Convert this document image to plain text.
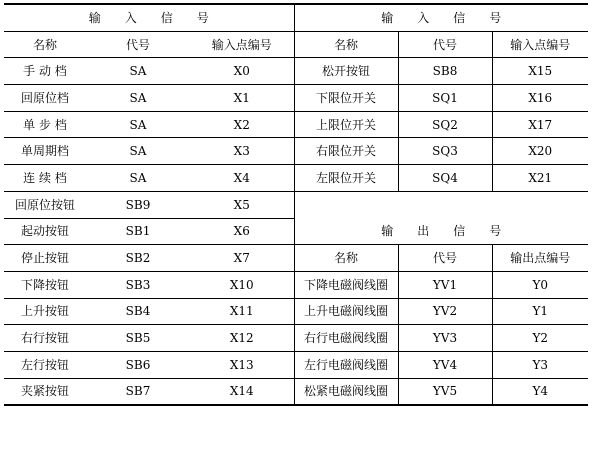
输入信号			输入信号		
名称	代号	输入点编号	名称	代号	输入点编号
手 动 档	SA	X0	松开按钮	SB8	X15
回原位档	SA	X1	下限位开关	SQ1	X16
单 步 档	SA	X2	上限位开关	SQ2	X17
单周期档	SA	X3	右限位开关	SQ3	X20
连 续 档	SA	X4	左限位开关	SQ4	X21
回原位按钮	SB9	X5			
起动按钮	SB1	X6	输出信号		
停止按钮	SB2	X7	名称	代号	输出点编号
下降按钮	SB3	X10	下降电磁阀线圈	YV1	Y0
上升按钮	SB4	X11	上升电磁阀线圈	YV2	Y1
右行按钮	SB5	X12	右行电磁阀线圈	YV3	Y2
左行按钮	SB6	X13	左行电磁阀线圈	YV4	Y3
夹紧按钮	SB7	X14	松紧电磁阀线圈	YV5	Y4
